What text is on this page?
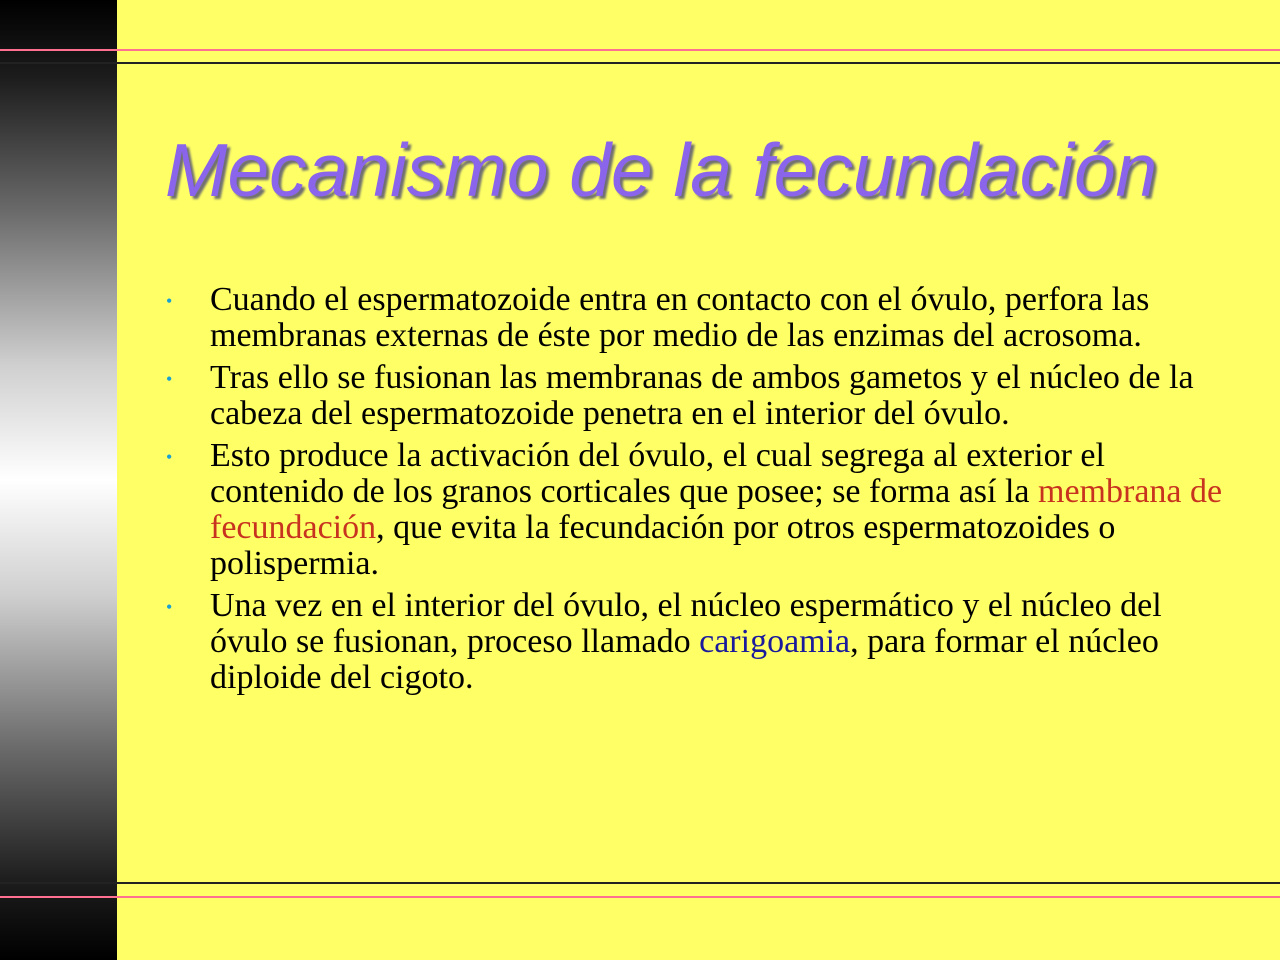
Mecanismo de la fecundación
• Cuando el espermatozoide entra en contacto con el óvulo, perfora las membranas externas de éste por medio de las enzimas del acrosoma.
• Tras ello se fusionan las membranas de ambos gametos y el núcleo de la cabeza del espermatozoide penetra en el interior del óvulo.
• Esto produce la activación del óvulo, el cual segrega al exterior el contenido de los granos corticales que posee; se forma así la membrana de fecundación, que evita la fecundación por otros espermatozoides o polispermia.
• Una vez en el interior del óvulo, el núcleo espermático y el núcleo del óvulo se fusionan, proceso llamado carigoamia, para formar el núcleo diploide del cigoto.
